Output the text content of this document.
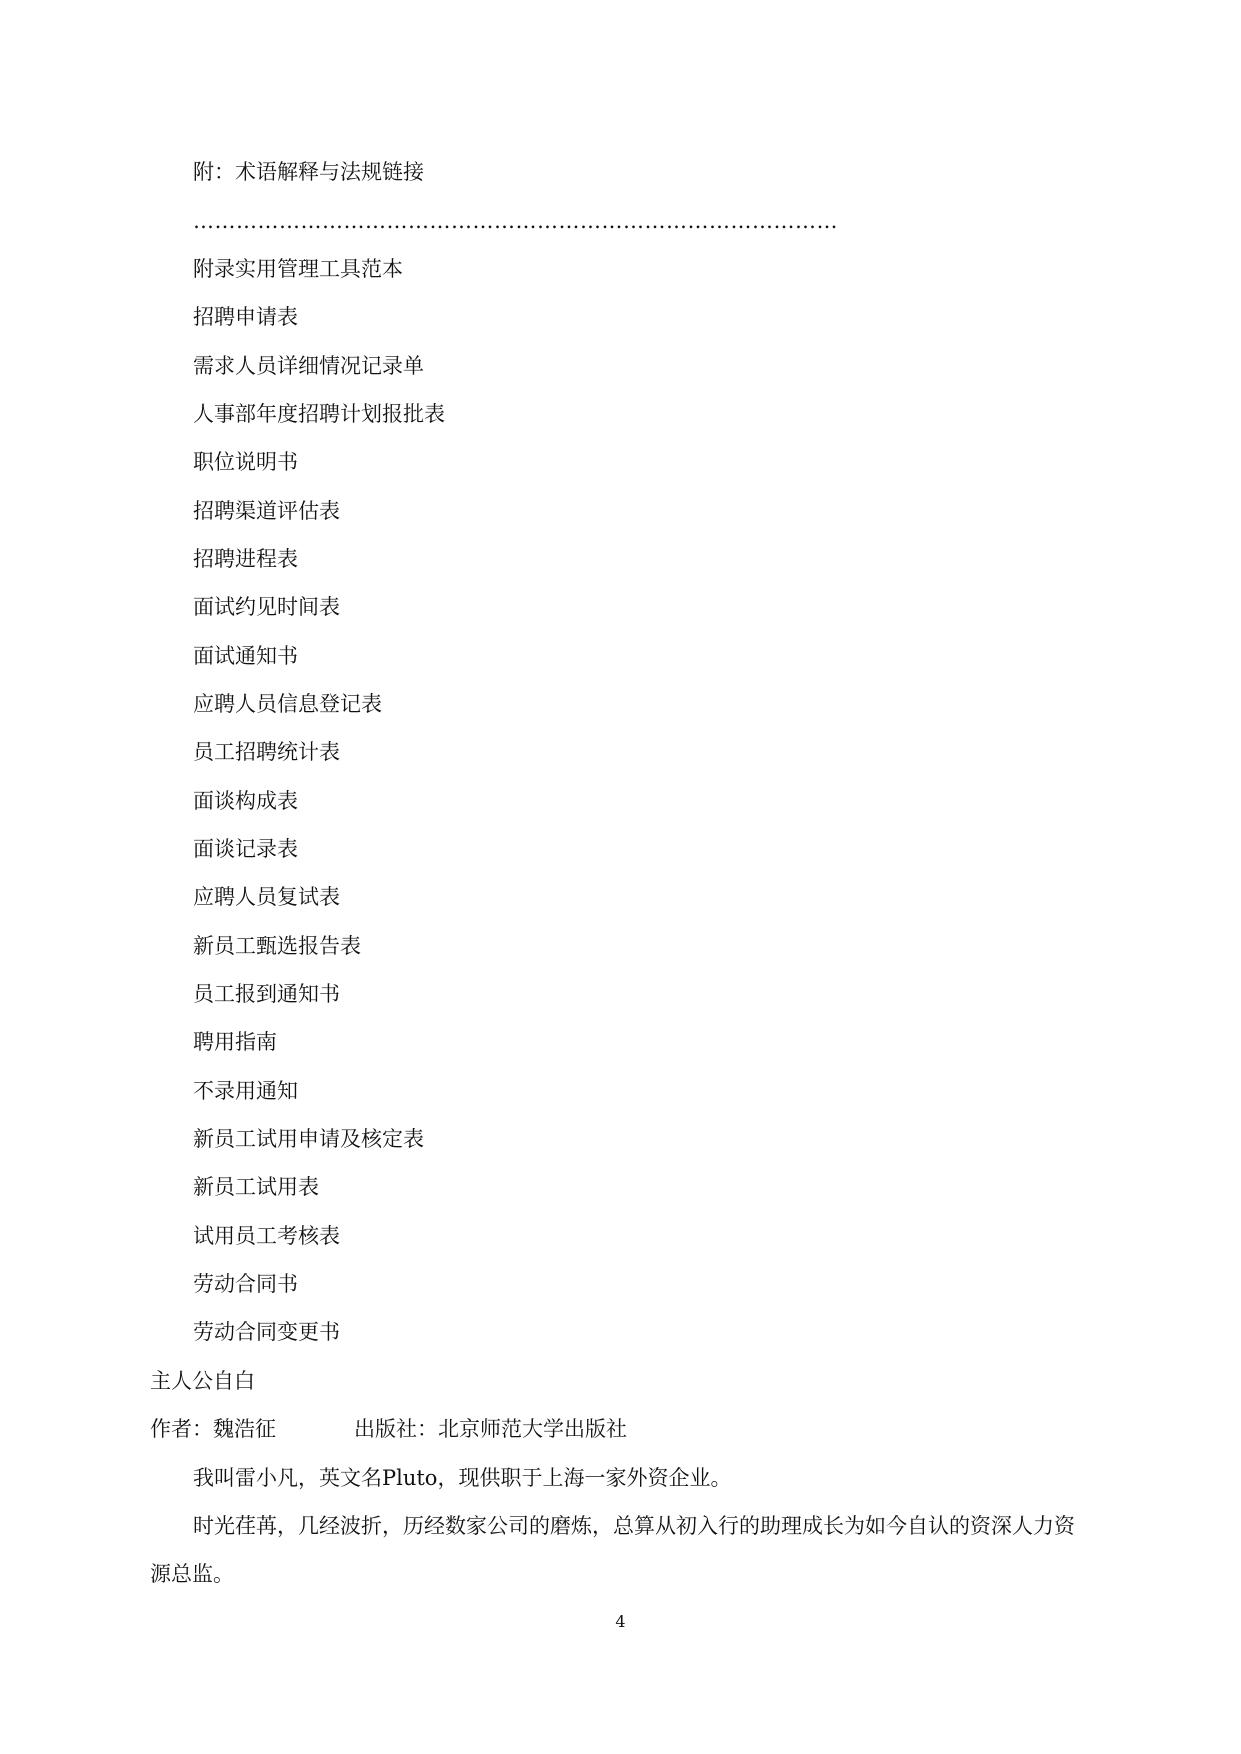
附：术语解释与法规链接
………………………………………………………………………………
附录实用管理工具范本
招聘申请表
需求人员详细情况记录单
人事部年度招聘计划报批表
职位说明书
招聘渠道评估表
招聘进程表
面试约见时间表
面试通知书
应聘人员信息登记表
员工招聘统计表
面谈构成表
面谈记录表
应聘人员复试表
新员工甄选报告表
员工报到通知书
聘用指南
不录用通知
新员工试用申请及核定表
新员工试用表
试用员工考核表
劳动合同书
劳动合同变更书
主人公自白
作者：魏浩征	出版社：北京师范大学出版社
我叫雷小凡，英文名Pluto，现供职于上海一家外资企业。
时光荏苒，几经波折，历经数家公司的磨炼，总算从初入行的助理成长为如今自认的资深人力资
源总监。
4
